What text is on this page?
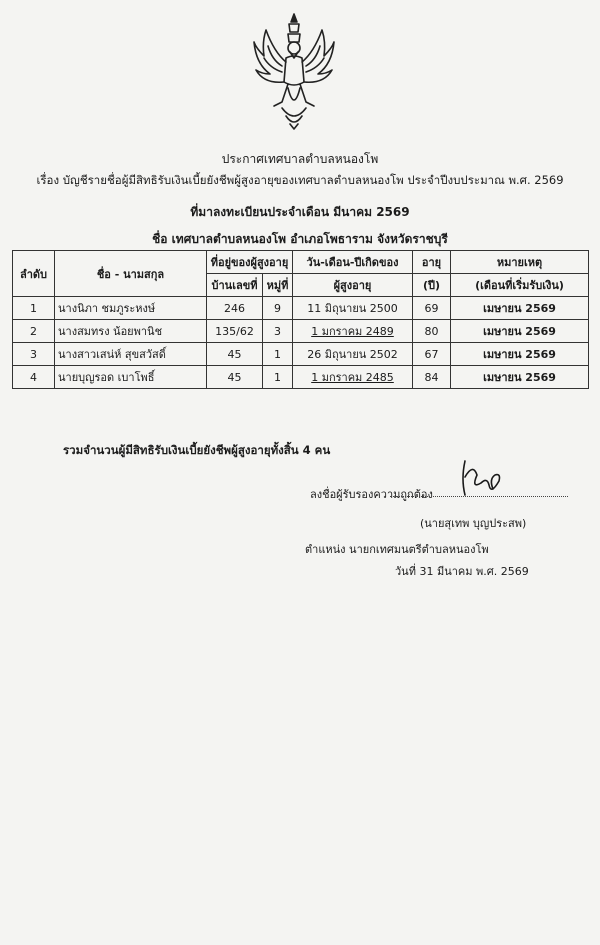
ประกาศเทศบาลตำบลหนองโพ
เรื่อง บัญชีรายชื่อผู้มีสิทธิรับเงินเบี้ยยังชีพผู้สูงอายุของเทศบาลตำบลหนองโพ ประจำปีงบประมาณ พ.ศ. 2569
ที่มาลงทะเบียนประจำเดือน มีนาคม 2569
ชื่อ เทศบาลตำบลหนองโพ อำเภอโพธาราม จังหวัดราชบุรี
ลำดับ	ชื่อ - นามสกุล	ที่อยู่ของผู้สูงอายุ		วัน-เดือน-ปีเกิดของ	อายุ	หมายเหตุ
		บ้านเลขที่	หมู่ที่	ผู้สูงอายุ	(ปี)	(เดือนที่เริ่มรับเงิน)
1	นางนิภา ชมภูระหงษ์	246	9	11 มิถุนายน 2500	69	เมษายน 2569
2	นางสมทรง น้อยพานิช	135/62	3	1 มกราคม 2489	80	เมษายน 2569
3	นางสาวเสน่ห์ สุขสวัสดิ์	45	1	26 มิถุนายน 2502	67	เมษายน 2569
4	นายบุญรอด เบาโพธิ์	45	1	1 มกราคม 2485	84	เมษายน 2569
รวมจำนวนผู้มีสิทธิรับเงินเบี้ยยังชีพผู้สูงอายุทั้งสิ้น 4 คน
ลงชื่อผู้รับรองความถูกต้อง
(นายสุเทพ บุญประสพ)
ตำแหน่ง นายกเทศมนตรีตำบลหนองโพ
วันที่ 31 มีนาคม พ.ศ. 2569
